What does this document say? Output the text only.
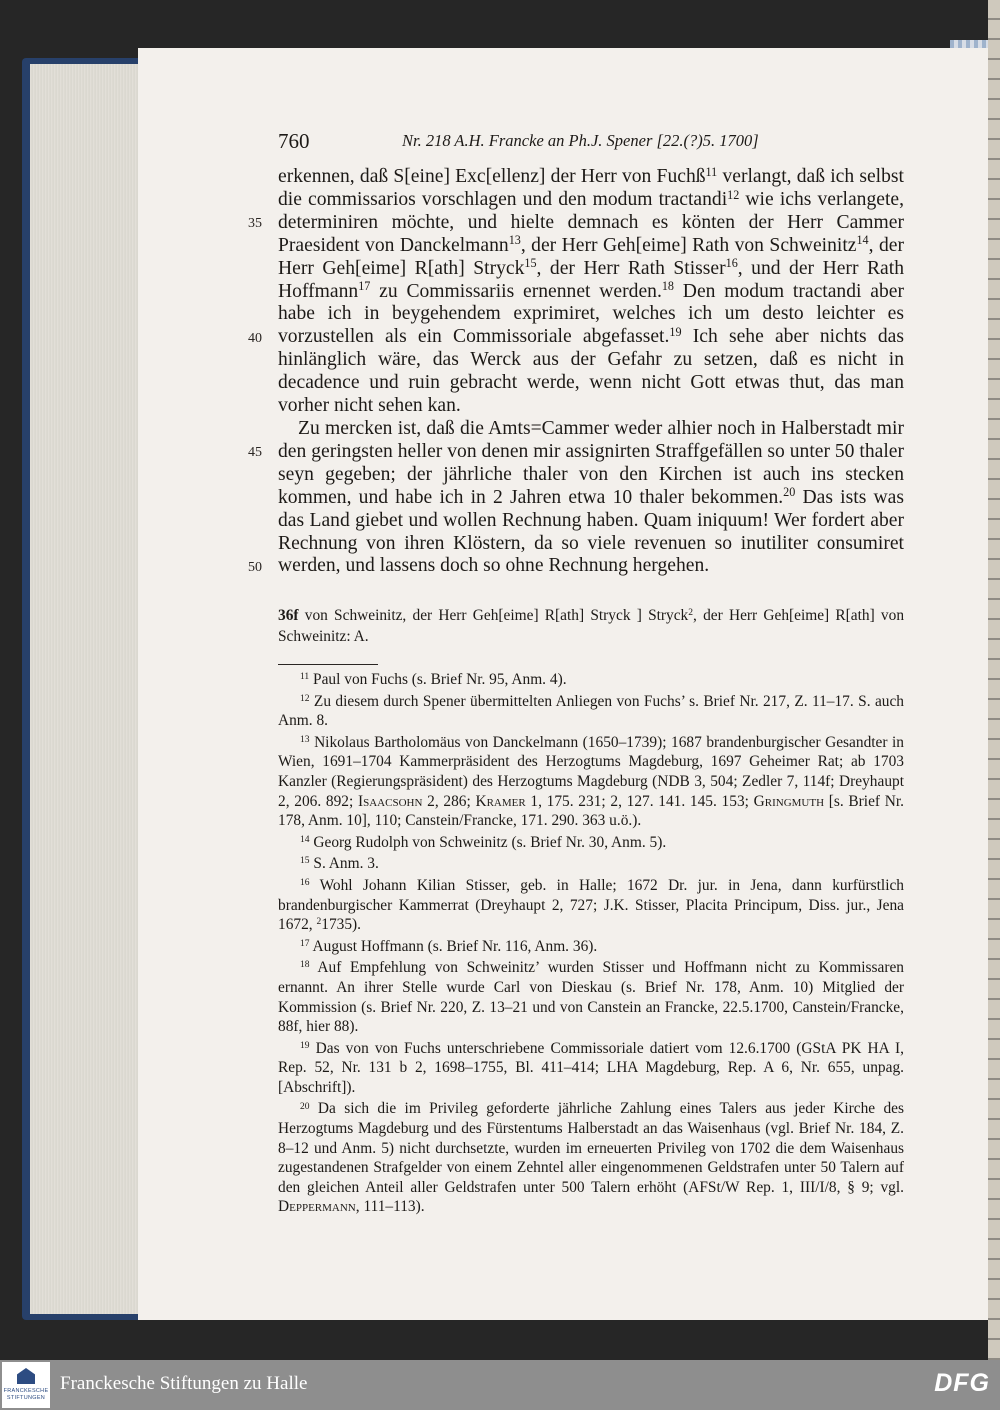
760	Nr. 218 A.H. Francke an Ph.J. Spener [22.(?)5. 1700]
35
40
45
50

erkennen, daß S[eine] Exc[ellenz] der Herr von Fuchß$^{11}$ verlangt, daß ich selbst die commissarios vorschlagen und den modum tractandi$^{12}$ wie ichs verlangete, determiniren möchte, und hielte demnach es könten der Herr Cammer Praesident von Danckelmann$^{13}$, der Herr Geh[eime] Rath von Schweinitz$^{14}$, der Herr Geh[eime] R[ath] Stryck$^{15}$, der Herr Rath Stisser$^{16}$, und der Herr Rath Hoffmann$^{17}$ zu Commissariis ernennet werden.$^{18}$ Den modum tractandi aber habe ich in beygehendem exprimiret, welches ich um desto leichter es vorzustellen als ein Commissoriale abgefasset.$^{19}$ Ich sehe aber nichts das hinlänglich wäre, das Werck aus der Gefahr zu setzen, daß es nicht in decadence und ruin gebracht werde, wenn nicht Gott etwas thut, das man vorher nicht sehen kan.

Zu mercken ist, daß die Amts=Cammer weder alhier noch in Halberstadt mir den geringsten heller von denen mir assignirten Straffgefällen so unter 50 thaler seyn gegeben; der jährliche thaler von den Kirchen ist auch ins stecken kommen, und habe ich in 2 Jahren etwa 10 thaler bekommen.$^{20}$ Das ists was das Land giebet und wollen Rechnung haben. Quam iniquum! Wer fordert aber Rechnung von ihren Klöstern, da so viele revenuen so inutiliter consumiret werden, und lassens doch so ohne Rechnung hergehen.

36f von Schweinitz, der Herr Geh[eime] R[ath] Stryck ] Stryck$^2$, der Herr Geh[eime] R[ath] von Schweinitz: A.

$^{11}$ Paul von Fuchs (s. Brief Nr. 95, Anm. 4).

$^{12}$ Zu diesem durch Spener übermittelten Anliegen von Fuchs’ s. Brief Nr. 217, Z. 11–17. S. auch Anm. 8.

$^{13}$ Nikolaus Bartholomäus von Danckelmann (1650–1739); 1687 brandenburgischer Gesandter in Wien, 1691–1704 Kammerpräsident des Herzogtums Magdeburg, 1697 Geheimer Rat; ab 1703 Kanzler (Regierungspräsident) des Herzogtums Magdeburg (NDB 3, 504; Zedler 7, 114f; Dreyhaupt 2, 206. 892; Isaacsohn 2, 286; Kramer 1, 175. 231; 2, 127. 141. 145. 153; Gringmuth [s. Brief Nr. 178, Anm. 10], 110; Canstein/Francke, 171. 290. 363 u.ö.).

$^{14}$ Georg Rudolph von Schweinitz (s. Brief Nr. 30, Anm. 5).

$^{15}$ S. Anm. 3.

$^{16}$ Wohl Johann Kilian Stisser, geb. in Halle; 1672 Dr. jur. in Jena, dann kurfürstlich brandenburgischer Kammerrat (Dreyhaupt 2, 727; J.K. Stisser, Placita Principum, Diss. jur., Jena 1672, $^2$1735).

$^{17}$ August Hoffmann (s. Brief Nr. 116, Anm. 36).

$^{18}$ Auf Empfehlung von Schweinitz’ wurden Stisser und Hoffmann nicht zu Kommissaren ernannt. An ihrer Stelle wurde Carl von Dieskau (s. Brief Nr. 178, Anm. 10) Mitglied der Kommission (s. Brief Nr. 220, Z. 13–21 und von Canstein an Francke, 22.5.1700, Canstein/Francke, 88f, hier 88).

$^{19}$ Das von von Fuchs unterschriebene Commissoriale datiert vom 12.6.1700 (GStA PK HA I, Rep. 52, Nr. 131 b 2, 1698–1755, Bl. 411–414; LHA Magdeburg, Rep. A 6, Nr. 655, unpag. [Abschrift]).

$^{20}$ Da sich die im Privileg geforderte jährliche Zahlung eines Talers aus jeder Kirche des Herzogtums Magdeburg und des Fürstentums Halberstadt an das Waisenhaus (vgl. Brief Nr. 184, Z. 8–12 und Anm. 5) nicht durchsetzte, wurden im erneuerten Privileg von 1702 die dem Waisenhaus zugestandenen Strafgelder von einem Zehntel aller eingenommenen Geldstrafen unter 50 Talern auf den gleichen Anteil aller Geldstrafen unter 500 Talern erhöht (AFSt/W Rep. 1, III/I/8, § 9; vgl. Deppermann, 111–113).

FRANCKESCHE STIFTUNGEN
Franckesche Stiftungen zu Halle	DFG
